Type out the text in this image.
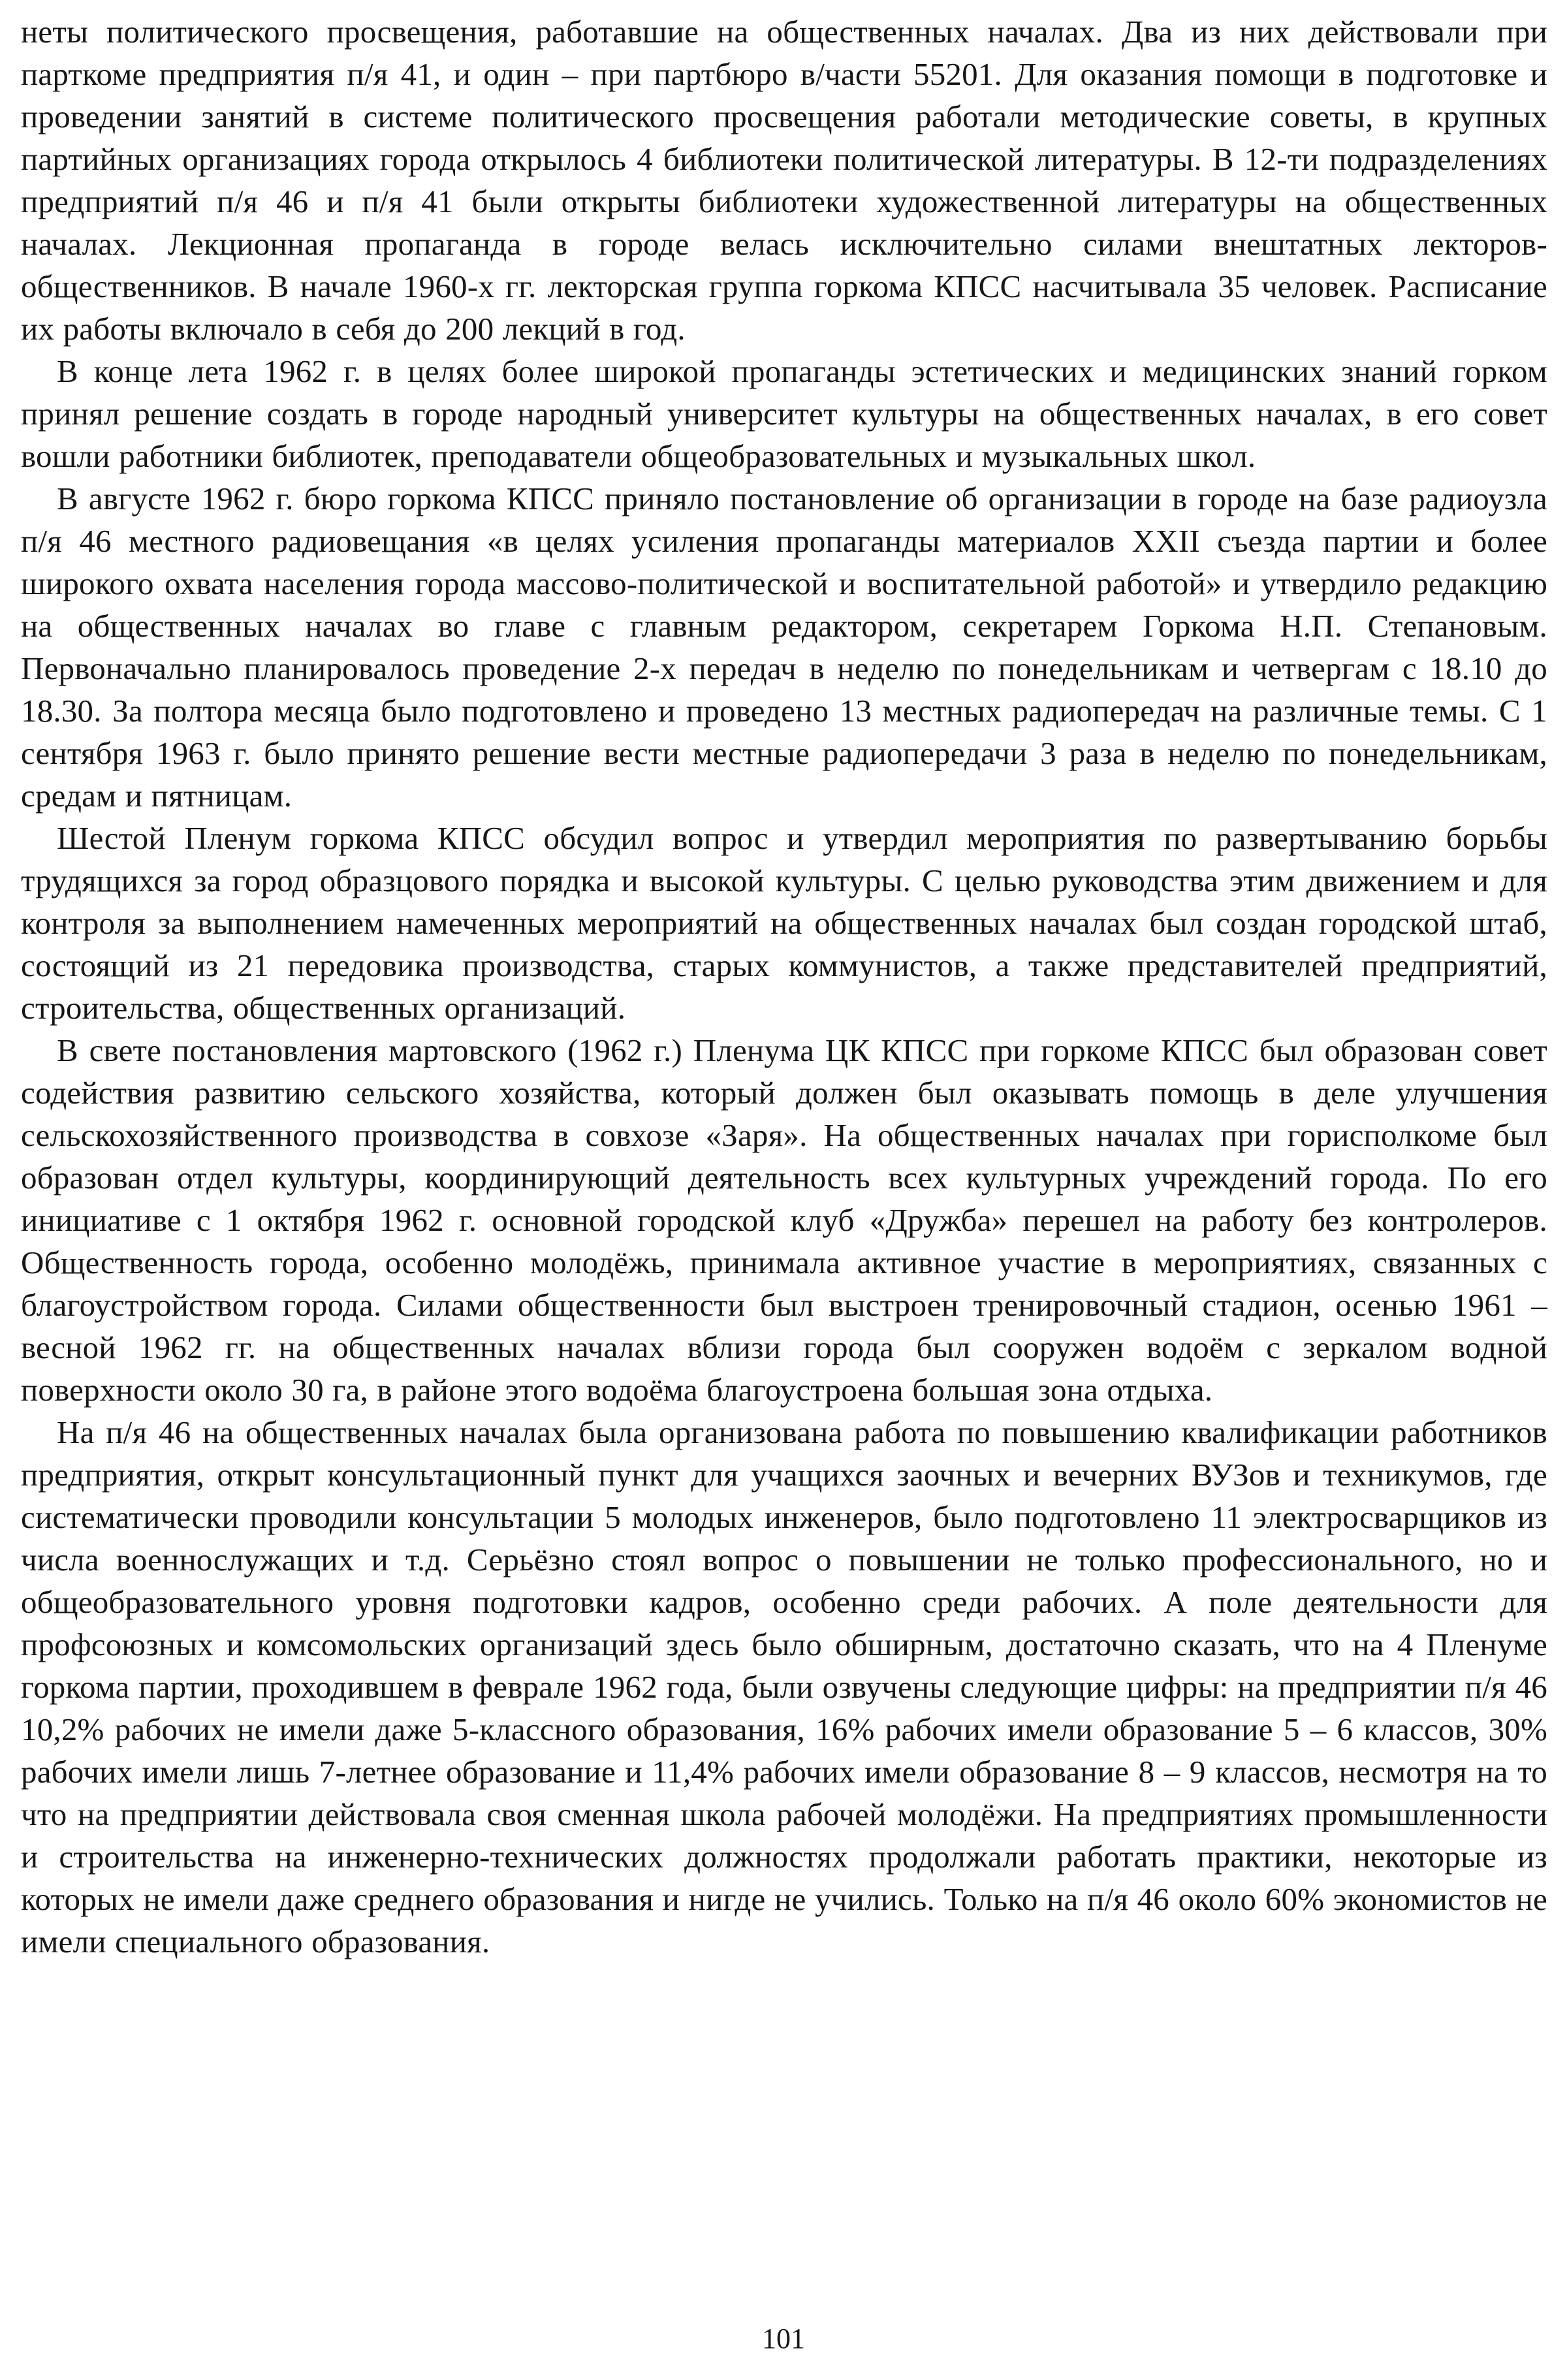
неты политического просвещения, работавшие на общественных началах. Два из них действовали при парткоме предприятия п/я 41, и один – при партбюро в/части 55201. Для оказания помощи в подготовке и проведении занятий в системе политического просвещения работали методические советы, в крупных партийных организациях города открылось 4 библиотеки политической литературы. В 12-ти подразделениях предприятий п/я 46 и п/я 41 были открыты библиотеки художественной литературы на общественных началах. Лекционная пропаганда в городе велась исключительно силами внештатных лекторов-общественников. В начале 1960-х гг. лекторская группа горкома КПСС насчитывала 35 человек. Расписание их работы включало в себя до 200 лекций в год.

В конце лета 1962 г. в целях более широкой пропаганды эстетических и медицинских знаний горком принял решение создать в городе народный университет культуры на общественных началах, в его совет вошли работники библиотек, преподаватели общеобразовательных и музыкальных школ.

В августе 1962 г. бюро горкома КПСС приняло постановление об организации в городе на базе радиоузла п/я 46 местного радиовещания «в целях усиления пропаганды материалов XXII съезда партии и более широкого охвата населения города массово-политической и воспитательной работой» и утвердило редакцию на общественных началах во главе с главным редактором, секретарем Горкома Н.П. Степановым. Первоначально планировалось проведение 2-х передач в неделю по понедельникам и четвергам с 18.10 до 18.30. За полтора месяца было подготовлено и проведено 13 местных радиопередач на различные темы. С 1 сентября 1963 г. было принято решение вести местные радиопередачи 3 раза в неделю по понедельникам, средам и пятницам.

Шестой Пленум горкома КПСС обсудил вопрос и утвердил мероприятия по развертыванию борьбы трудящихся за город образцового порядка и высокой культуры. С целью руководства этим движением и для контроля за выполнением намеченных мероприятий на общественных началах был создан городской штаб, состоящий из 21 передовика производства, старых коммунистов, а также представителей предприятий, строительства, общественных организаций.

В свете постановления мартовского (1962 г.) Пленума ЦК КПСС при горкоме КПСС был образован совет содействия развитию сельского хозяйства, который должен был оказывать помощь в деле улучшения сельскохозяйственного производства в совхозе «Заря». На общественных началах при горисполкоме был образован отдел культуры, координирующий деятельность всех культурных учреждений города. По его инициативе с 1 октября 1962 г. основной городской клуб «Дружба» перешел на работу без контролеров. Общественность города, особенно молодёжь, принимала активное участие в мероприятиях, связанных с благоустройством города. Силами общественности был выстроен тренировочный стадион, осенью 1961 – весной 1962 гг. на общественных началах вблизи города был сооружен водоём с зеркалом водной поверхности около 30 га, в районе этого водоёма благоустроена большая зона отдыха.

На п/я 46 на общественных началах была организована работа по повышению квалификации работников предприятия, открыт консультационный пункт для учащихся заочных и вечерних ВУЗов и техникумов, где систематически проводили консультации 5 молодых инженеров, было подготовлено 11 электросварщиков из числа военнослужащих и т.д. Серьёзно стоял вопрос о повышении не только профессионального, но и общеобразовательного уровня подготовки кадров, особенно среди рабочих. А поле деятельности для профсоюзных и комсомольских организаций здесь было обширным, достаточно сказать, что на 4 Пленуме горкома партии, проходившем в феврале 1962 года, были озвучены следующие цифры: на предприятии п/я 46 10,2% рабочих не имели даже 5-классного образования, 16% рабочих имели образование 5 – 6 классов, 30% рабочих имели лишь 7-летнее образование и 11,4% рабочих имели образование 8 – 9 классов, несмотря на то что на предприятии действовала своя сменная школа рабочей молодёжи. На предприятиях промышленности и строительства на инженерно-технических должностях продолжали работать практики, некоторые из которых не имели даже среднего образования и нигде не учились. Только на п/я 46 около 60% экономистов не имели специального образования.

101
